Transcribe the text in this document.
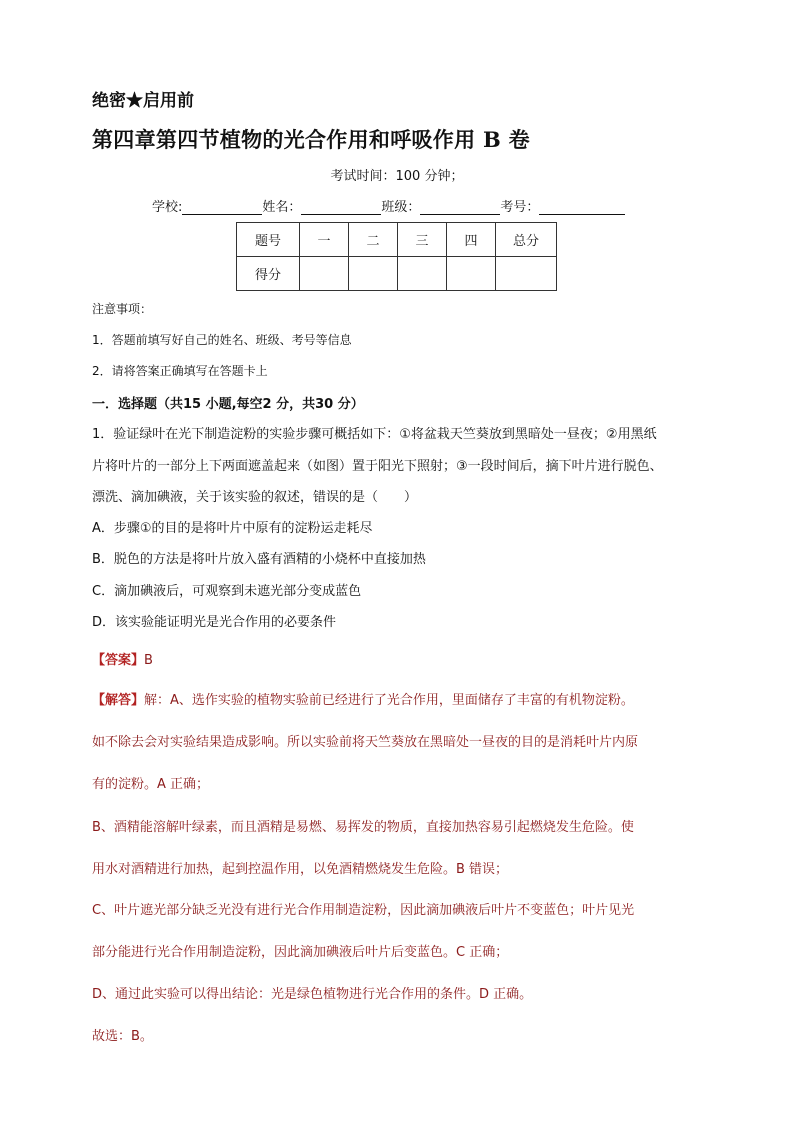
绝密★启用前
第四章第四节植物的光合作用和呼吸作用 B 卷
考试时间：100 分钟；
学校:	姓名：	班级：	考号：
题号	一	二	三	四	总分
得分					
注意事项：
1．答题前填写好自己的姓名、班级、考号等信息
2．请将答案正确填写在答题卡上
一．选择题（共15 小题,每空2 分，共30 分）
1．验证绿叶在光下制造淀粉的实验步骤可概括如下：①将盆栽天竺葵放到黑暗处一昼夜；②用黑纸
片将叶片的一部分上下两面遮盖起来（如图）置于阳光下照射；③一段时间后，摘下叶片进行脱色、
漂洗、滴加碘液，关于该实验的叙述，错误的是（　　）
A．步骤①的目的是将叶片中原有的淀粉运走耗尽
B．脱色的方法是将叶片放入盛有酒精的小烧杯中直接加热
C．滴加碘液后，可观察到未遮光部分变成蓝色
D．该实验能证明光是光合作用的必要条件
【答案】B
【解答】解：A、选作实验的植物实验前已经进行了光合作用，里面储存了丰富的有机物淀粉。
如不除去会对实验结果造成影响。所以实验前将天竺葵放在黑暗处一昼夜的目的是消耗叶片内原
有的淀粉。A 正确；
B、酒精能溶解叶绿素，而且酒精是易燃、易挥发的物质，直接加热容易引起燃烧发生危险。使
用水对酒精进行加热，起到控温作用，以免酒精燃烧发生危险。B 错误；
C、叶片遮光部分缺乏光没有进行光合作用制造淀粉，因此滴加碘液后叶片不变蓝色；叶片见光
部分能进行光合作用制造淀粉，因此滴加碘液后叶片后变蓝色。C 正确；
D、通过此实验可以得出结论：光是绿色植物进行光合作用的条件。D 正确。
故选：B。
